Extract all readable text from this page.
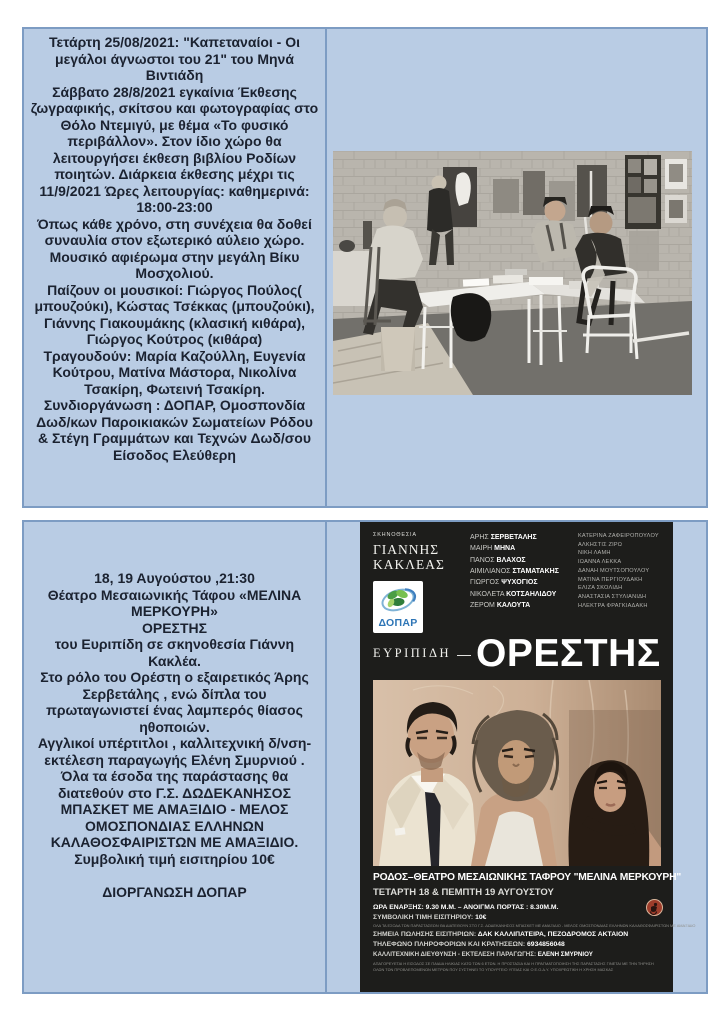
Τετάρτη 25/08/2021: "Καπεταναίοι - Οι μεγάλοι άγνωστοι του 21" του Μηνά Βιντιάδη

Σάββατο 28/8/2021 εγκαίνια Έκθεσης ζωγραφικής, σκίτσου και φωτογραφίας στο Θόλο Ντεμιγύ, με θέμα «Το φυσικό περιβάλλον». Στον ίδιο χώρο θα λειτουργήσει έκθεση βιβλίου Ροδίων ποιητών. Διάρκεια έκθεσης μέχρι τις 11/9/2021 Ώρες λειτουργίας: καθημερινά: 18:00-23:00

Όπως κάθε χρόνο, στη συνέχεια θα δοθεί συναυλία στον εξωτερικό αύλειο χώρο. Μουσικό αφιέρωμα στην μεγάλη Βίκυ Μοσχολιού.

Παίζουν οι μουσικοί: Γιώργος Πούλος( μπουζούκι), Κώστας Τσέκκας (μπουζούκι), Γιάννης Γιακουμάκης (κλασική κιθάρα), Γιώργος Κούτρος (κιθάρα)

Τραγουδούν: Μαρία Καζούλλη, Ευγενία Κούτρου, Ματίνα Μάστορα, Νικολίνα Τσακίρη, Φωτεινή Τσακίρη.

Συνδιοργάνωση : ΔΟΠΑΡ, Ομοσπονδία Δωδ/κων Παροικιακών Σωματείων Ρόδου & Στέγη Γραμμάτων και Τεχνών Δωδ/σου

Είσοδος Ελεύθερη

18, 19 Αυγούστου ,21:30

Θέατρο Μεσαιωνικής Τάφου «ΜΕΛΙΝΑ ΜΕΡΚΟΥΡΗ»

ΟΡΕΣΤΗΣ

του Ευριπίδη σε σκηνοθεσία Γιάννη Κακλέα.

Στο ρόλο του Ορέστη ο εξαιρετικός Άρης Σερβετάλης , ενώ δίπλα του πρωταγωνιστεί ένας λαμπερός θίασος ηθοποιών.

Αγγλικοί υπέρτιτλοι , καλλιτεχνική δ/νση- εκτέλεση παραγωγής Ελένη Σμυρνιού .

Όλα τα έσοδα της παράστασης θα διατεθούν στο Γ.Σ. ΔΩΔΕΚΑΝΗΣΟΣ ΜΠΑΣΚΕΤ ΜΕ ΑΜΑΞΙΔΙΟ - ΜΕΛΟΣ ΟΜΟΣΠΟΝΔΙΑΣ ΕΛΛΗΝΩΝ ΚΑΛΑΘΟΣΦΑΙΡΙΣΤΩΝ ΜΕ ΑΜΑΞΙΔΙΟ.

Συμβολική τιμή εισιτηρίου 10€

ΔΙΟΡΓΑΝΩΣΗ ΔΟΠΑΡ

ΣΚΗΝΟΘΕΣΙΑ
ΓΙΑΝΝΗΣ
ΚΑΚΛΕΑΣ
ΔΟΠΑΡ
ΑΡΗΣ ΣΕΡΒΕΤΑΛΗΣ
ΜΑΙΡΗ ΜΗΝΑ
ΠΑΝΟΣ ΒΛΑΧΟΣ
ΑΙΜΙΛΙΑΝΟΣ ΣΤΑΜΑΤΑΚΗΣ
ΓΙΩΡΓΟΣ ΨΥΧΟΓΙΟΣ
ΝΙΚΟΛΕΤΑ ΚΟΤΣΑΗΛΙΔΟΥ
ΖΕΡΟΜ ΚΑΛΟΥΤΑ
ΚΑΤΕΡΙΝΑ ΖΑΦΕΙΡΟΠΟΥΛΟΥ
ΑΛΚΗΣΤΙΣ ΖΙΡΩ
ΝΙΚΗ ΛΑΜΗ
ΙΩΑΝΝΑ ΛΕΚΚΑ
ΔΑΝΑΗ ΜΟΥΤΣΟΠΟΥΛΟΥ
ΜΑΤΙΝΑ ΠΕΡΓΙΟΥΔΑΚΗ
ΕΛΙΖΑ ΣΚΟΛΙΔΗ
ΑΝΑΣΤΑΣΙΑ ΣΤΥΛΙΑΝΙΔΗ
ΗΛΕΚΤΡΑ ΦΡΑΓΚΙΑΔΑΚΗ
ΕΥΡΙΠΙΔΗ — ΟΡΕΣΤΗΣ
ΡΟΔΟΣ–ΘΕΑΤΡΟ ΜΕΣΑΙΩΝΙΚΗΣ ΤΑΦΡΟΥ "ΜΕΛΙΝΑ ΜΕΡΚΟΥΡΗ"
ΤΕΤΑΡΤΗ 18 & ΠΕΜΠΤΗ 19 ΑΥΓΟΥΣΤΟΥ
ΩΡΑ ΕΝΑΡΞΗΣ: 9.30 Μ.Μ. – ΑΝΟΙΓΜΑ ΠΟΡΤΑΣ : 8.30Μ.Μ.
ΣΥΜΒΟΛΙΚΗ ΤΙΜΗ ΕΙΣΙΤΗΡΙΟΥ: 10€
ΟΛΑ ΤΑ ΕΣΟΔΑ ΤΩΝ ΠΑΡΑΣΤΑΣΕΩΝ ΘΑ ΔΙΑΤΕΘΟΥΝ ΣΤΟ Γ.Σ. ΔΩΔΕΚΑΝΗΣΟΣ ΜΠΑΣΚΕΤ ΜΕ ΑΜΑΞΙΔΙΟ - ΜΕΛΟΣ ΟΜΟΣΠΟΝΔΙΑΣ ΕΛΛΗΝΩΝ ΚΑΛΑΘΟΣΦΑΙΡΙΣΤΩΝ ΜΕ ΑΜΑΞΙΔΙΟ
ΣΗΜΕΙΑ ΠΩΛΗΣΗΣ ΕΙΣΙΤΗΡΙΩΝ: ΔΑΚ ΚΑΛΛΙΠΑΤΕΙΡΑ, ΠΕΖΟΔΡΟΜΟΣ ΑΚΤΑΙΟΝ
ΤΗΛΕΦΩΝΟ ΠΛΗΡΟΦΟΡΙΩΝ ΚΑΙ ΚΡΑΤΗΣΕΩΝ: 6934856048
ΚΑΛΛΙΤΕΧΝΙΚΗ ΔΙΕΥΘΥΝΣΗ - ΕΚΤΕΛΕΣΗ ΠΑΡΑΓΩΓΗΣ: ΕΛΕΝΗ ΣΜΥΡΝΙΟΥ
ΑΠΑΓΟΡΕΥΕΤΑΙ Η ΕΙΣΟΔΟΣ ΣΕ ΠΑΙΔΙΑ ΗΛΙΚΙΑΣ ΚΑΤΩ ΤΩΝ 6 ΕΤΩΝ. Η ΠΡΟΣΤΑΣΙΑ ΚΑΙ Η ΠΡΑΓΜΑΤΟΠΟΙΗΣΗ ΤΗΣ ΠΑΡΑΣΤΑΣΗΣ ΓΙΝΕΤΑΙ ΜΕ ΤΗΝ ΤΗΡΗΣΗ ΟΛΩΝ ΤΩΝ ΠΡΟΒΛΕΠΟΜΕΝΩΝ ΜΕΤΡΩΝ ΠΟΥ ΣΥΣΤΗΝΕΙ ΤΟ ΥΠΟΥΡΓΕΙΟ ΥΓΕΙΑΣ ΚΑΙ Ο Ε.Ο.Δ.Υ. ΥΠΟΧΡΕΩΤΙΚΗ Η ΧΡΗΣΗ ΜΑΣΚΑΣ
